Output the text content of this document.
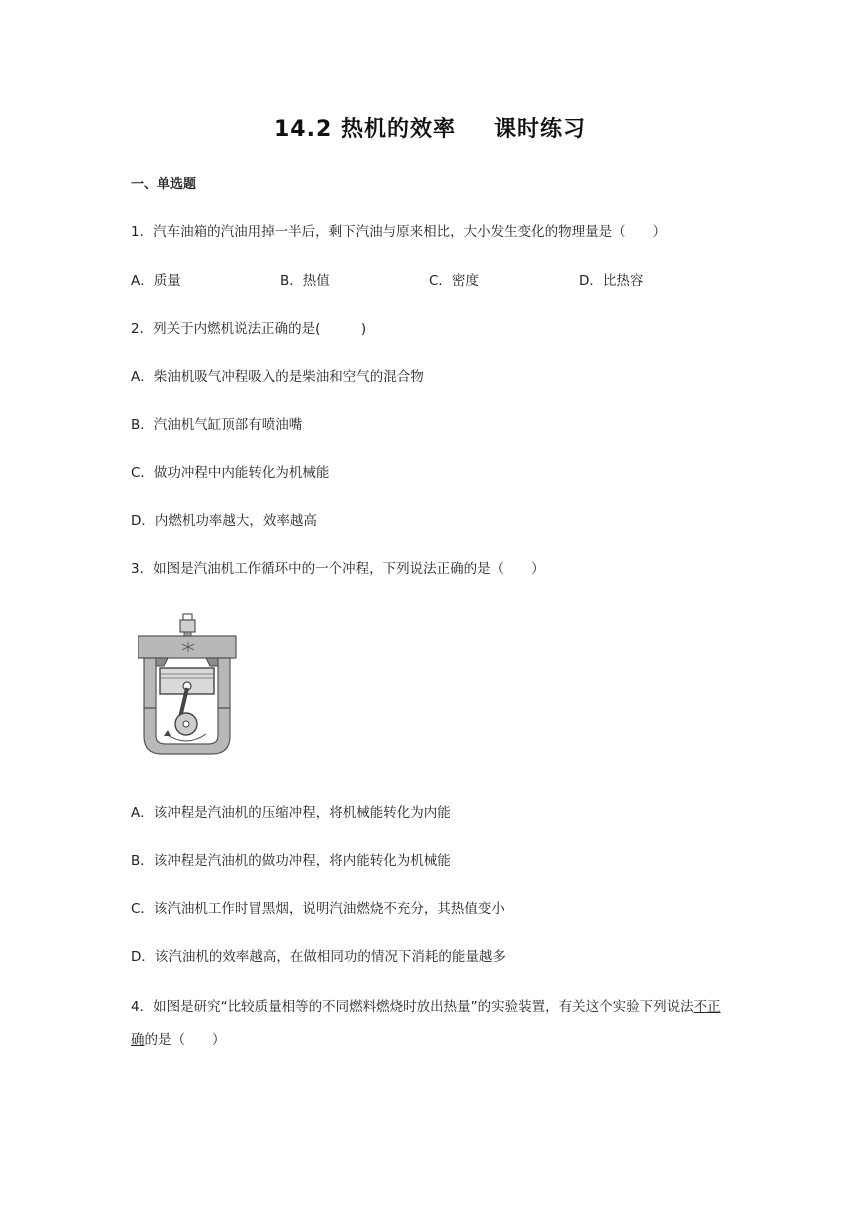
14.2 热机的效率 课时练习
一、单选题
1．汽车油箱的汽油用掉一半后，剩下汽油与原来相比，大小发生变化的物理量是（　　）
A．质量	B．热值	C．密度	D．比热容
2．列关于内燃机说法正确的是(　　　)
A．柴油机吸气冲程吸入的是柴油和空气的混合物
B．汽油机气缸顶部有喷油嘴
C．做功冲程中内能转化为机械能
D．内燃机功率越大，效率越高
3．如图是汽油机工作循环中的一个冲程，下列说法正确的是（　　）
A．该冲程是汽油机的压缩冲程，将机械能转化为内能
B．该冲程是汽油机的做功冲程，将内能转化为机械能
C．该汽油机工作时冒黑烟，说明汽油燃烧不充分，其热值变小
D．该汽油机的效率越高，在做相同功的情况下消耗的能量越多
4．如图是研究“比较质量相等的不同燃料燃烧时放出热量”的实验装置，有关这个实验下列说法不正
确的是（　　）
